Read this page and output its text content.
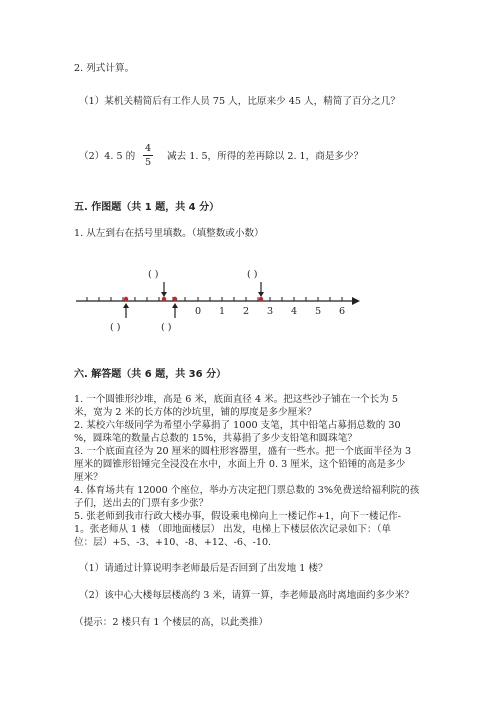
2. 列式计算。
（1）某机关精简后有工作人员 75 人，比原来少 45 人，精简了百分之几？
（2）4. 5 的
4
5
减去 1. 5，所得的差再除以 2. 1，商是多少？
五. 作图题（共 1 题，共 4 分）
1. 从左到右在括号里填数。（填整数或小数）
( )	( )
( )	( )
0 1 2 3 4 5 6
六. 解答题（共 6 题，共 36 分）
1. 一个圆锥形沙堆，高是 6 米，底面直径 4 米。把这些沙子铺在一个长为 5
米，宽为 2 米的长方体的沙坑里，铺的厚度是多少厘米？
2. 某校六年级同学为希望小学募捐了 1000 支笔，其中铅笔占募捐总数的 30
%，圆珠笔的数量占总数的 15%，共募捐了多少支铅笔和圆珠笔？
3. 一个底面直径为 20 厘米的圆柱形容器里，盛有一些水。把一个底面半径为 3
厘米的圆锥形铅锤完全浸没在水中，水面上升 0. 3 厘米，这个铅锤的高是多少
厘米？
4. 体育场共有 12000 个座位，举办方决定把门票总数的 3%免费送给福利院的孩
子们，送出去的门票有多少张？
5. 张老师到我市行政大楼办事，假设乘电梯向上一楼记作+1，向下一楼记作-
1。张老师从 1 楼 （即地面楼层） 出发，电梯上下楼层依次记录如下：（单
位：层）+5、-3、+10、-8、+12、-6、-10.
（1）请通过计算说明李老师最后是否回到了出发地 1 楼？
（2）该中心大楼每层楼高约 3 米，请算一算，李老师最高时离地面约多少米？
（提示：2 楼只有 1 个楼层的高，以此类推）
